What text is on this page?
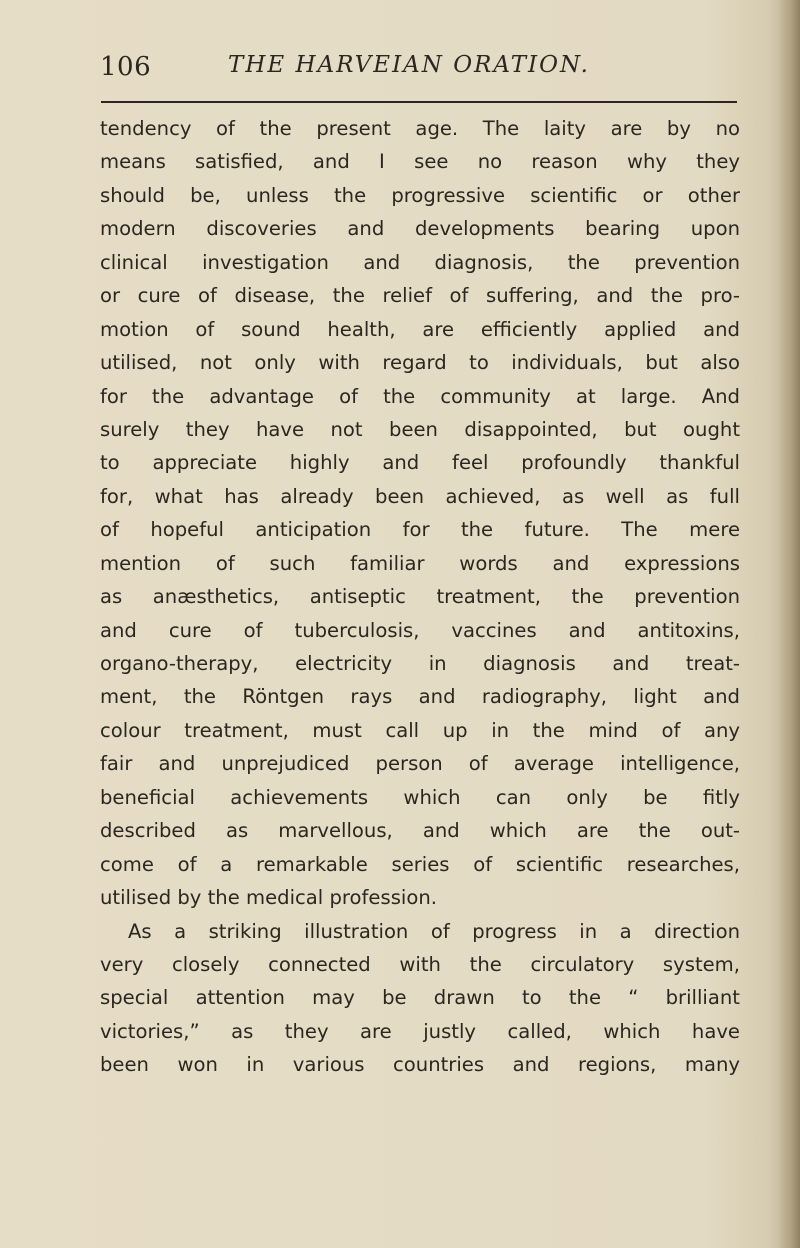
106	THE HARVEIAN ORATION.
tendency of the present age. The laity are by no
means satisfied, and I see no reason why they
should be, unless the progressive scientific or other
modern discoveries and developments bearing upon
clinical investigation and diagnosis, the prevention
or cure of disease, the relief of suffering, and the pro-
motion of sound health, are efficiently applied and
utilised, not only with regard to individuals, but also
for the advantage of the community at large. And
surely they have not been disappointed, but ought
to appreciate highly and feel profoundly thankful
for, what has already been achieved, as well as full
of hopeful anticipation for the future. The mere
mention of such familiar words and expressions
as anæsthetics, antiseptic treatment, the prevention
and cure of tuberculosis, vaccines and antitoxins,
organo-therapy, electricity in diagnosis and treat-
ment, the Röntgen rays and radiography, light and
colour treatment, must call up in the mind of any
fair and unprejudiced person of average intelligence,
beneficial achievements which can only be fitly
described as marvellous, and which are the out-
come of a remarkable series of scientific researches,
utilised by the medical profession.
As a striking illustration of progress in a direction
very closely connected with the circulatory system,
special attention may be drawn to the “ brilliant
victories,” as they are justly called, which have
been won in various countries and regions, many
